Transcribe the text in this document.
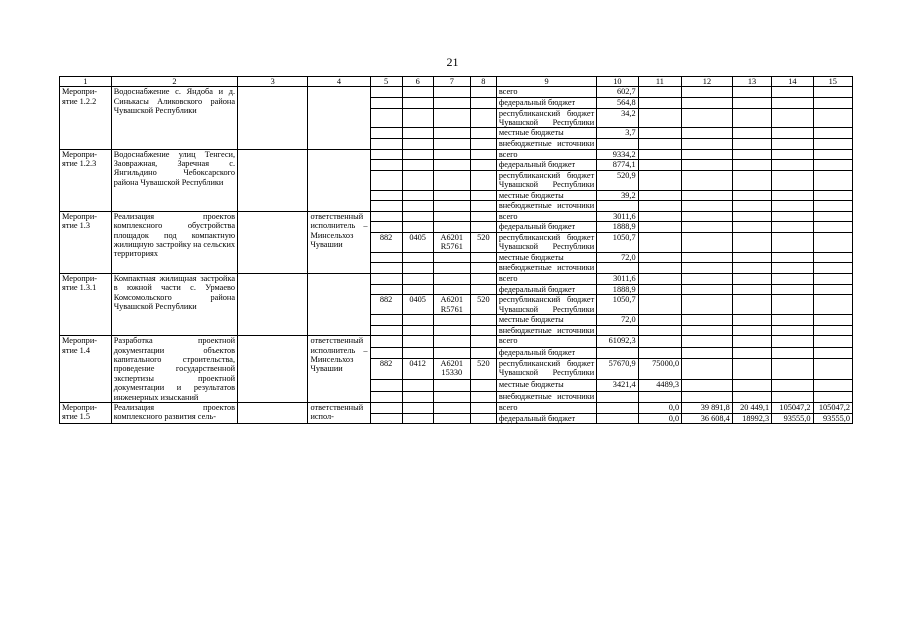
21
1	2	3	4	5	6	7	8	9	10	11	12	13	14	15
Меропри-ятие 1.2.2	Водоснабжение с. Яндоба и д. Синькасы Аликовского района Чувашской Республики							всего	602,7					
								федеральный бюджет	564,8					
								республиканский бюджет Чувашской Республики	34,2					
								местные бюджеты	3,7					
								внебюджетные источники						
Меропри-ятие 1.2.3	Водоснабжение улиц Тенгеси, Заовражная, Заречная с. Янгильдино Чебоксарского района Чувашской Республики							всего	9334,2					
								федеральный бюджет	8774,1					
								республиканский бюджет Чувашской Республики	520,9					
								местные бюджеты	39,2					
								внебюджетные источники						
Меропри-ятие 1.3	Реализация проектов комплексного обустройства площадок под компактную жилищную застройку на сельских территориях		ответственный исполнитель – Минсельхоз Чувашии					всего	3011,6					
								федеральный бюджет	1888,9					
				882	0405	А6201 R5761	520	республиканский бюджет Чувашской Республики	1050,7					
								местные бюджеты	72,0					
								внебюджетные источники						
Меропри-ятие 1.3.1	Компактная жилищная застройка в южной части с. Урмаево Комсомольского района Чувашской Республики							всего	3011,6					
								федеральный бюджет	1888,9					
				882	0405	А6201 R5761	520	республиканский бюджет Чувашской Республики	1050,7					
								местные бюджеты	72,0					
								внебюджетные источники						
Меропри-ятие 1.4	Разработка проектной документации объектов капитального строительства, проведение государственной экспертизы проектной документации и результатов инженерных изысканий		ответственный исполнитель – Минсельхоз Чувашии					всего	61092,3					
								федеральный бюджет						
				882	0412	А6201 15330	520	республиканский бюджет Чувашской Республики	57670,9	75000,0				
								местные бюджеты	3421,4	4489,3				
								внебюджетные источники						
Меропри-ятие 1.5	Реализация проектов комплексного развития сель-		ответственный испол-					всего		0,0	39 891,8	20 449,1	105047,2	105047,2
								федеральный бюджет		0,0	36 608,4	18992,3	93555,0	93555,0
